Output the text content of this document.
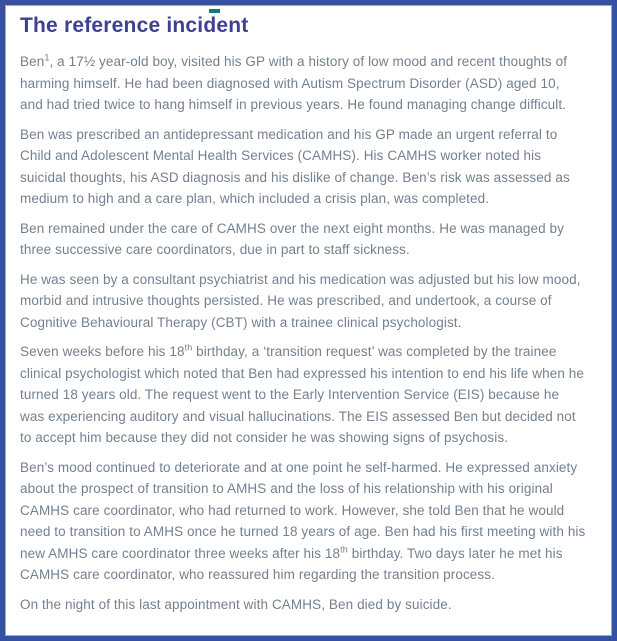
The reference incident

Ben$^1$, a 17½ year-old boy, visited his GP with a history of low mood and recent thoughts of harming himself. He had been diagnosed with Autism Spectrum Disorder (ASD) aged 10, and had tried twice to hang himself in previous years. He found managing change difficult.

Ben was prescribed an antidepressant medication and his GP made an urgent referral to Child and Adolescent Mental Health Services (CAMHS). His CAMHS worker noted his suicidal thoughts, his ASD diagnosis and his dislike of change. Ben’s risk was assessed as medium to high and a care plan, which included a crisis plan, was completed.

Ben remained under the care of CAMHS over the next eight months. He was managed by three successive care coordinators, due in part to staff sickness.

He was seen by a consultant psychiatrist and his medication was adjusted but his low mood, morbid and intrusive thoughts persisted. He was prescribed, and undertook, a course of Cognitive Behavioural Therapy (CBT) with a trainee clinical psychologist.

Seven weeks before his 18th birthday, a ‘transition request’ was completed by the trainee clinical psychologist which noted that Ben had expressed his intention to end his life when he turned 18 years old. The request went to the Early Intervention Service (EIS) because he was experiencing auditory and visual hallucinations. The EIS assessed Ben but decided not to accept him because they did not consider he was showing signs of psychosis.

Ben’s mood continued to deteriorate and at one point he self-harmed. He expressed anxiety about the prospect of transition to AMHS and the loss of his relationship with his original CAMHS care coordinator, who had returned to work. However, she told Ben that he would need to transition to AMHS once he turned 18 years of age. Ben had his first meeting with his new AMHS care coordinator three weeks after his 18th birthday. Two days later he met his CAMHS care coordinator, who reassured him regarding the transition process.

On the night of this last appointment with CAMHS, Ben died by suicide.
